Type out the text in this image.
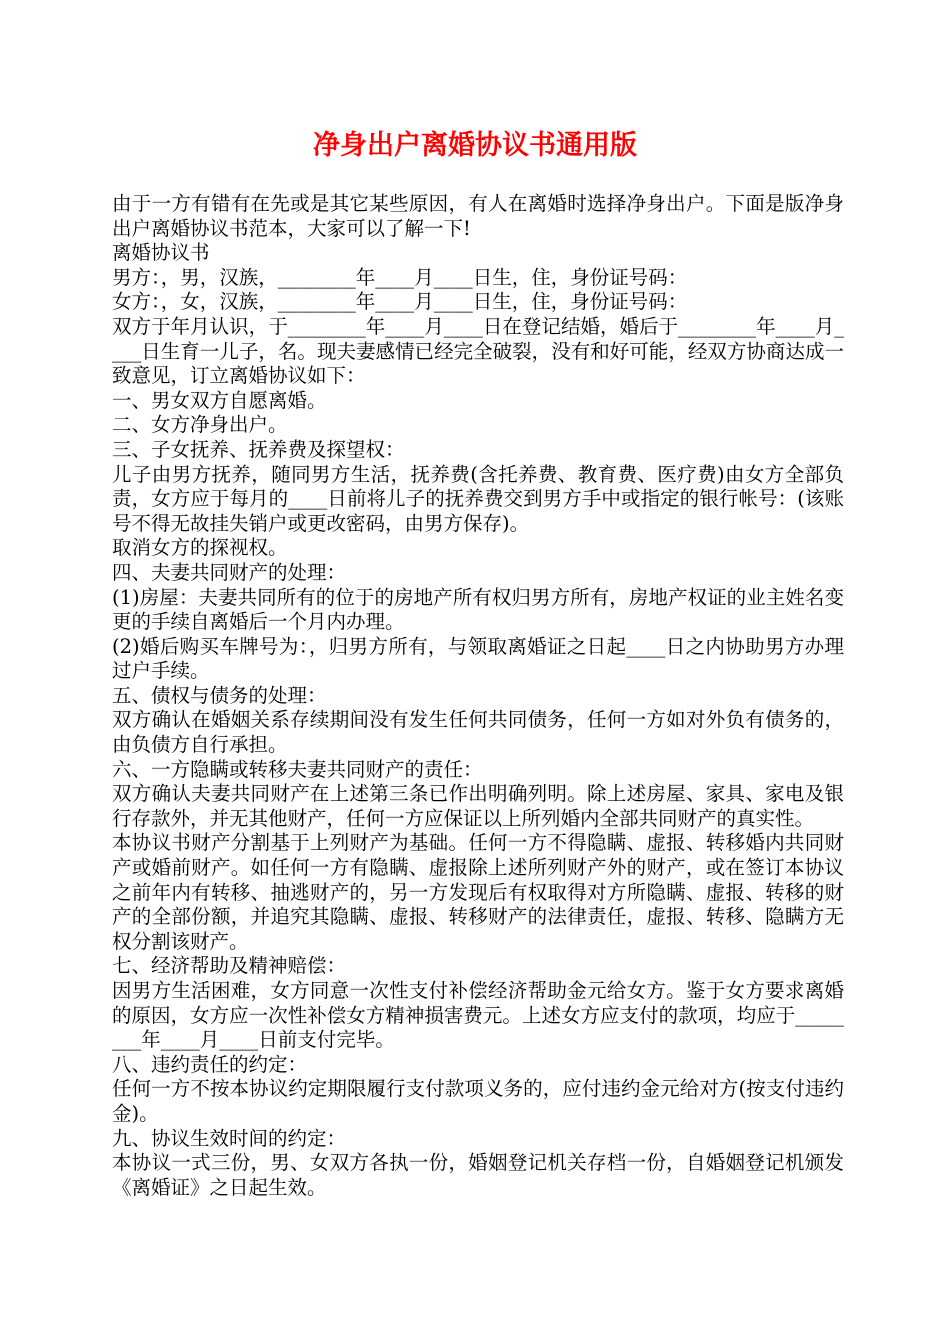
净身出户离婚协议书通用版

由于一方有错有在先或是其它某些原因，有人在离婚时选择净身出户。下面是版净身出户离婚协议书范本，大家可以了解一下!

离婚协议书

男方：，男，汉族，________年____月____日生，住，身份证号码：

女方：，女，汉族，________年____月____日生，住，身份证号码：

双方于年月认识，于________年____月____日在登记结婚，婚后于________年____月____日生育一儿子，名。现夫妻感情已经完全破裂，没有和好可能，经双方协商达成一致意见，订立离婚协议如下：

一、男女双方自愿离婚。

二、女方净身出户。

三、子女抚养、抚养费及探望权：

儿子由男方抚养，随同男方生活，抚养费(含托养费、教育费、医疗费)由女方全部负责，女方应于每月的____日前将儿子的抚养费交到男方手中或指定的银行帐号：(该账号不得无故挂失销户或更改密码，由男方保存)。

取消女方的探视权。

四、夫妻共同财产的处理：

(1)房屋：夫妻共同所有的位于的房地产所有权归男方所有，房地产权证的业主姓名变更的手续自离婚后一个月内办理。

(2)婚后购买车牌号为：，归男方所有，与领取离婚证之日起____日之内协助男方办理过户手续。

五、债权与债务的处理：

双方确认在婚姻关系存续期间没有发生任何共同债务，任何一方如对外负有债务的，由负债方自行承担。

六、一方隐瞒或转移夫妻共同财产的责任：

双方确认夫妻共同财产在上述第三条已作出明确列明。除上述房屋、家具、家电及银行存款外，并无其他财产，任何一方应保证以上所列婚内全部共同财产的真实性。

本协议书财产分割基于上列财产为基础。任何一方不得隐瞒、虚报、转移婚内共同财产或婚前财产。如任何一方有隐瞒、虚报除上述所列财产外的财产，或在签订本协议之前年内有转移、抽逃财产的，另一方发现后有权取得对方所隐瞒、虚报、转移的财产的全部份额，并追究其隐瞒、虚报、转移财产的法律责任，虚报、转移、隐瞒方无权分割该财产。

七、经济帮助及精神赔偿：

因男方生活困难，女方同意一次性支付补偿经济帮助金元给女方。鉴于女方要求离婚的原因，女方应一次性补偿女方精神损害费元。上述女方应支付的款项，均应于________年____月____日前支付完毕。

八、违约责任的约定：

任何一方不按本协议约定期限履行支付款项义务的，应付违约金元给对方(按支付违约金)。

九、协议生效时间的约定：

本协议一式三份，男、女双方各执一份，婚姻登记机关存档一份，自婚姻登记机颁发《离婚证》之日起生效。
